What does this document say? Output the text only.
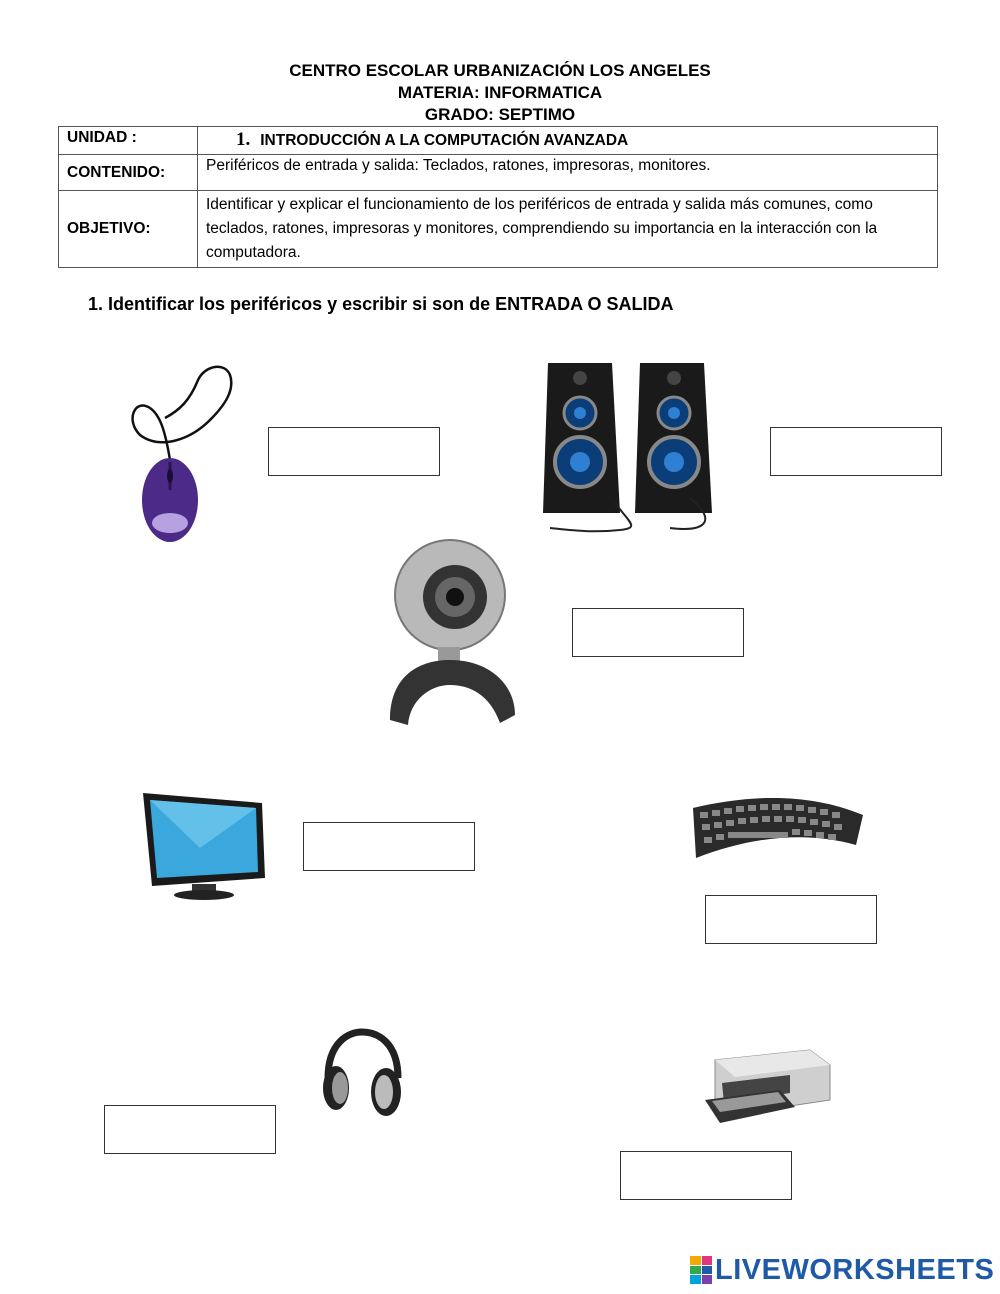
CENTRO ESCOLAR URBANIZACIÓN LOS ANGELES
MATERIA: INFORMATICA
GRADO: SEPTIMO
UNIDAD :	1. INTRODUCCIÓN A LA COMPUTACIÓN AVANZADA
CONTENIDO:	Periféricos de entrada y salida: Teclados, ratones, impresoras, monitores.
OBJETIVO:	Identificar y explicar el funcionamiento de los periféricos de entrada y salida más comunes, como teclados, ratones, impresoras y monitores, comprendiendo su importancia en la interacción con la computadora.
1. Identificar los periféricos y escribir si son de ENTRADA O SALIDA
LIVEWORKSHEETS
